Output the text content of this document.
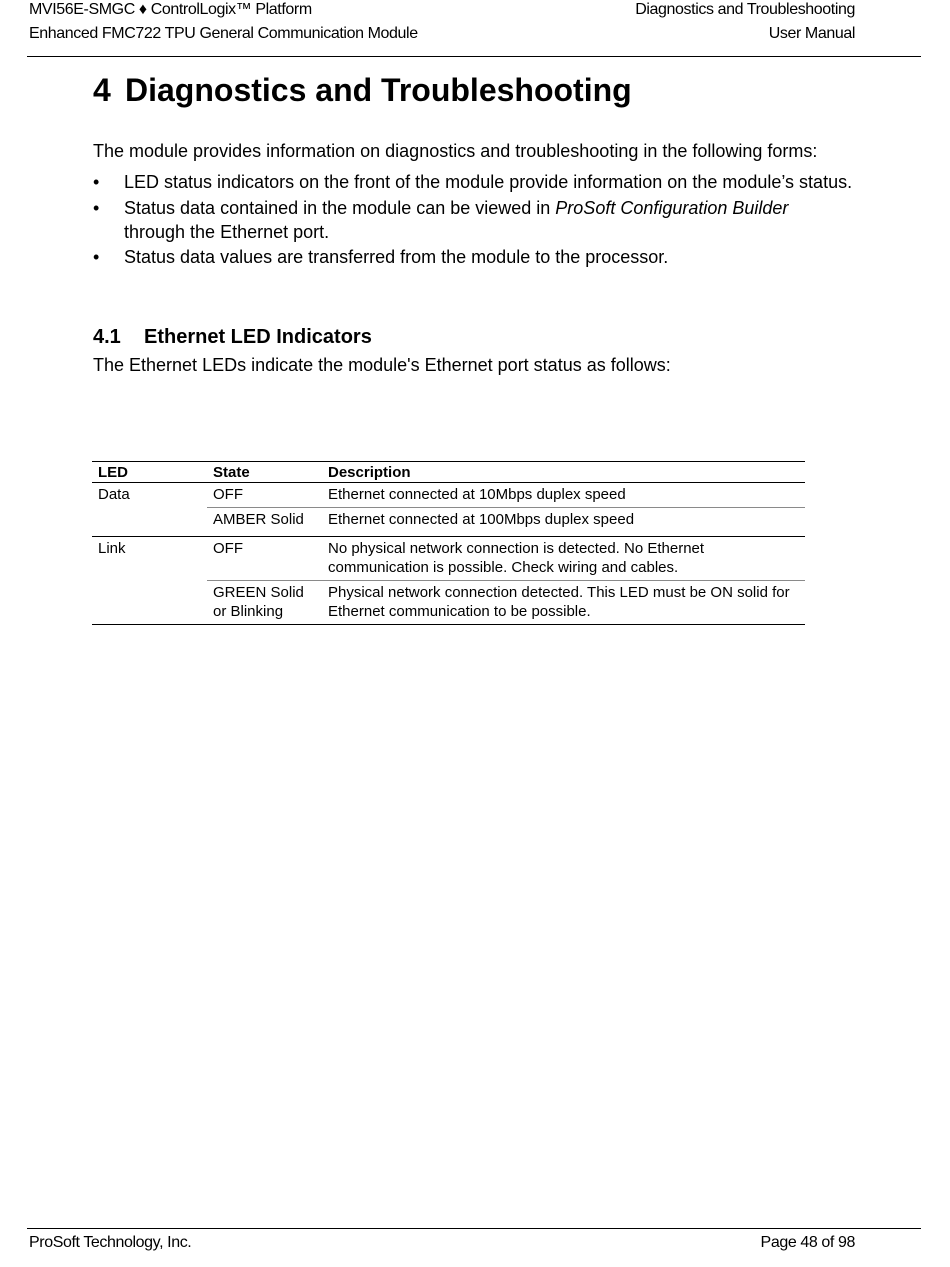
MVI56E-SMGC ♦ ControlLogix™ Platform	Diagnostics and Troubleshooting
Enhanced FMC722 TPU General Communication Module	User Manual
4 Diagnostics and Troubleshooting

The module provides information on diagnostics and troubleshooting in the following forms:

• LED status indicators on the front of the module provide information on the module’s status.
• Status data contained in the module can be viewed in ProSoft Configuration Builder through the Ethernet port.
• Status data values are transferred from the module to the processor.
4.1 Ethernet LED Indicators

The Ethernet LEDs indicate the module's Ethernet port status as follows:

LED	State	Description
Data	OFF	Ethernet connected at 10Mbps duplex speed
	AMBER Solid	Ethernet connected at 100Mbps duplex speed
Link	OFF	No physical network connection is detected. No Ethernet communication is possible. Check wiring and cables.
	GREEN Solid or Blinking	Physical network connection detected. This LED must be ON solid for Ethernet communication to be possible.
ProSoft Technology, Inc.	Page 48 of 98
